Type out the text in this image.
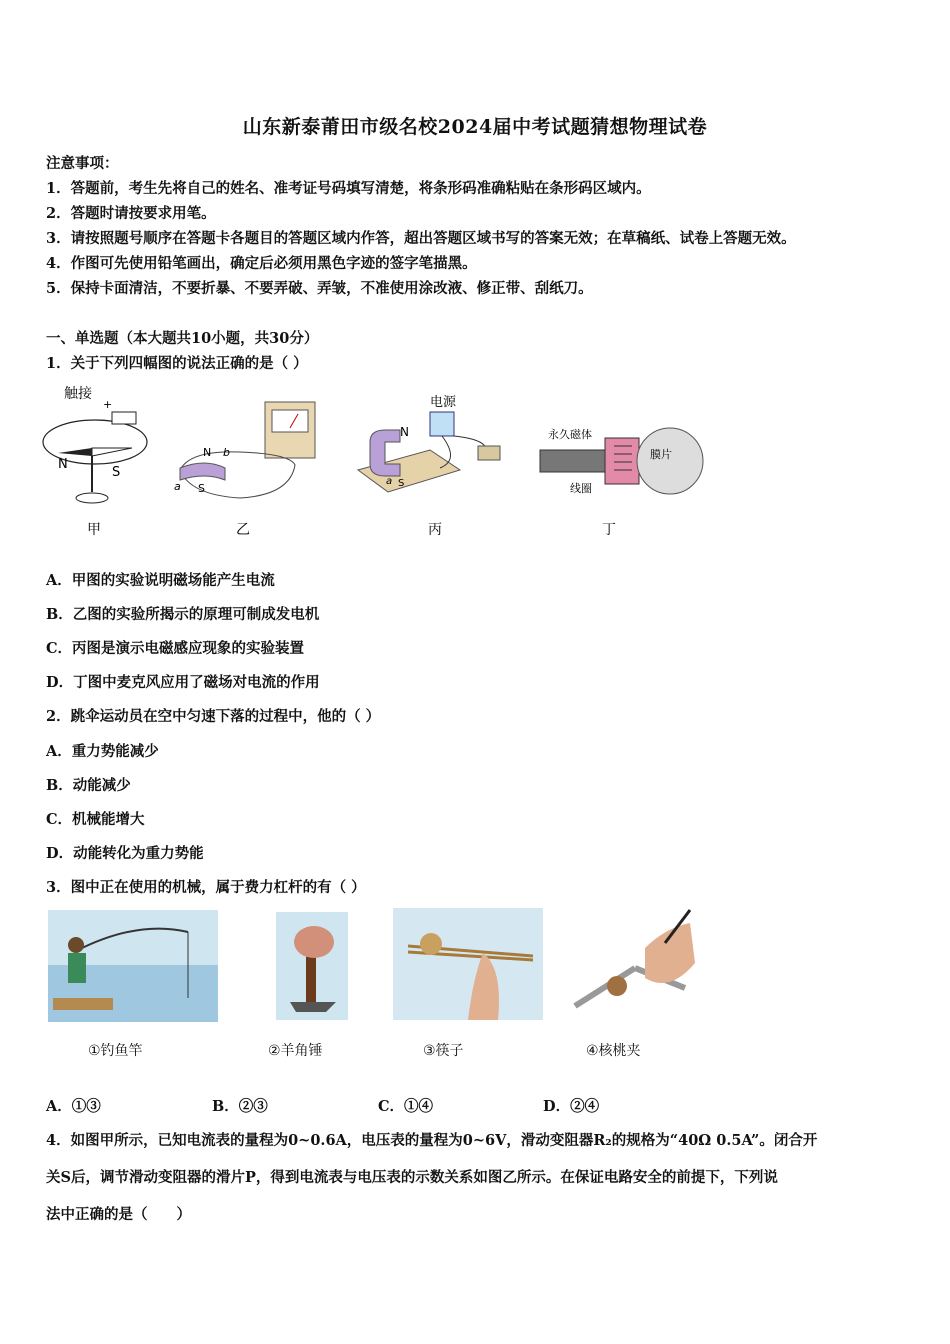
山东新泰莆田市级名校2024届中考试题猜想物理试卷
注意事项：
1．答题前，考生先将自己的姓名、准考证号码填写清楚，将条形码准确粘贴在条形码区域内。
2．答题时请按要求用笔。
3．请按照题号顺序在答题卡各题目的答题区域内作答，超出答题区域书写的答案无效；在草稿纸、试卷上答题无效。
4．作图可先使用铅笔画出，确定后必须用黑色字迹的签字笔描黑。
5．保持卡面清洁，不要折暴、不要弄破、弄皱，不准使用涂改液、修正带、刮纸刀。
一、单选题（本大题共10小题，共30分）
1．关于下列四幅图的说法正确的是（ ）
触接
+
N
S
甲
N b
a S
乙
电源
N
a S
丙
永久磁体
膜片
线圈
丁
A．甲图的实验说明磁场能产生电流
B．乙图的实验所揭示的原理可制成发电机
C．丙图是演示电磁感应现象的实验装置
D．丁图中麦克风应用了磁场对电流的作用
2．跳伞运动员在空中匀速下落的过程中，他的（ ）
A．重力势能减少
B．动能减少
C．机械能增大
D．动能转化为重力势能
3．图中正在使用的机械，属于费力杠杆的有（ ）
①钓鱼竿	②羊角锤	③筷子	④核桃夹
A．①③	B．②③	C．①④	D．②④
4．如图甲所示，已知电流表的量程为0~0.6A，电压表的量程为0~6V，滑动变阻器R₂的规格为“40Ω 0.5A”。闭合开
关S后，调节滑动变阻器的滑片P，得到电流表与电压表的示数关系如图乙所示。在保证电路安全的前提下，下列说
法中正确的是（　　）
